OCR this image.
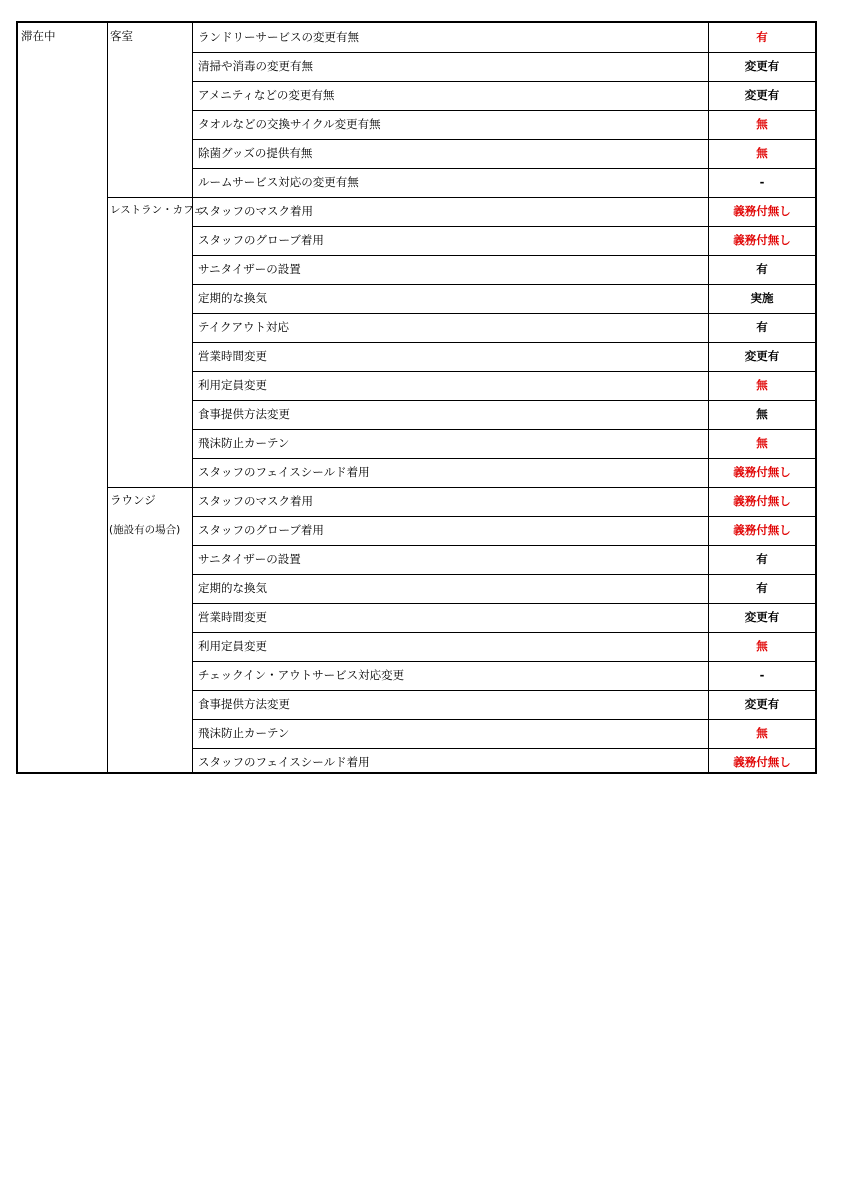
滞在中	客室	ランドリーサービスの変更有無	有
清掃や消毒の変更有無	変更有
アメニティなどの変更有無	変更有
タオルなどの交換サイクル変更有無	無
除菌グッズの提供有無	無
ルームサービス対応の変更有無	-
レストラン・カフェ
スタッフのマスク着用	義務付無し
スタッフのグローブ着用	義務付無し
サニタイザーの設置	有
定期的な換気	実施
テイクアウト対応	有
営業時間変更	変更有
利用定員変更	無
食事提供方法変更	無
飛沫防止カーテン	無
スタッフのフェイスシールド着用	義務付無し
ラウンジ
(施設有の場合)
スタッフのマスク着用	義務付無し
スタッフのグローブ着用	義務付無し
サニタイザーの設置	有
定期的な換気	有
営業時間変更	変更有
利用定員変更	無
チェックイン・アウトサービス対応変更	-
食事提供方法変更	変更有
飛沫防止カーテン	無
スタッフのフェイスシールド着用	義務付無し
